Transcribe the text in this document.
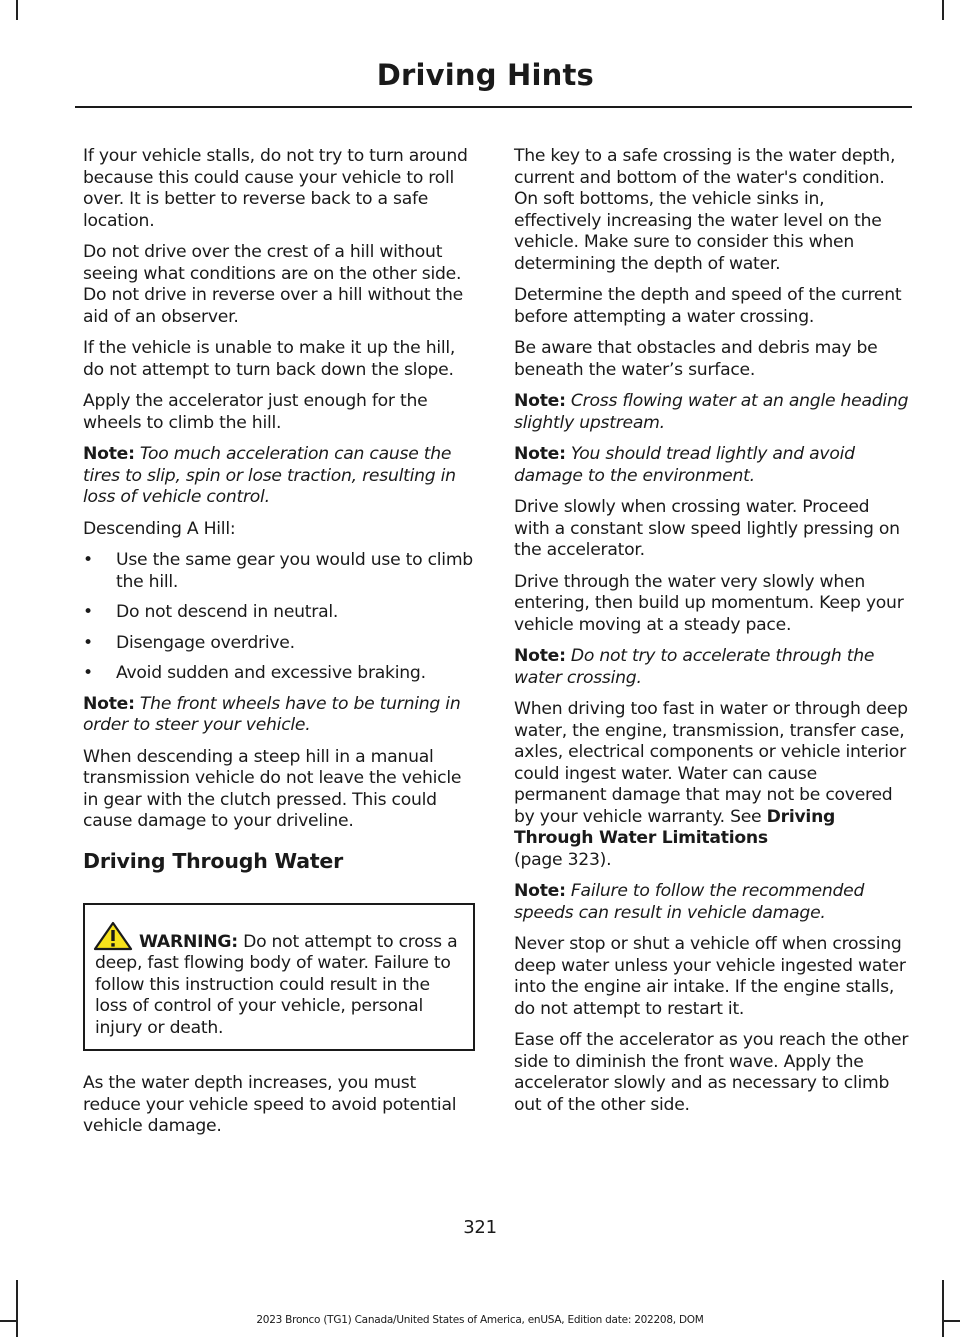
Driving Hints

If your vehicle stalls, do not try to turn around because this could cause your vehicle to roll over. It is better to reverse back to a safe location.

Do not drive over the crest of a hill without seeing what conditions are on the other side. Do not drive in reverse over a hill without the aid of an observer.

If the vehicle is unable to make it up the hill, do not attempt to turn back down the slope.

Apply the accelerator just enough for the wheels to climb the hill.

Note: Too much acceleration can cause the tires to slip, spin or lose traction, resulting in loss of vehicle control.

Descending A Hill:

• Use the same gear you would use to climb the hill.
• Do not descend in neutral.
• Disengage overdrive.
• Avoid sudden and excessive braking.

Note: The front wheels have to be turning in order to steer your vehicle.

When descending a steep hill in a manual transmission vehicle do not leave the vehicle in gear with the clutch pressed. This could cause damage to your driveline.

Driving Through Water

WARNING: Do not attempt to cross a deep, fast flowing body of water. Failure to follow this instruction could result in the loss of control of your vehicle, personal injury or death.

As the water depth increases, you must reduce your vehicle speed to avoid potential vehicle damage.

The key to a safe crossing is the water depth, current and bottom of the water's condition. On soft bottoms, the vehicle sinks in, effectively increasing the water level on the vehicle. Make sure to consider this when determining the depth of water.

Determine the depth and speed of the current before attempting a water crossing.

Be aware that obstacles and debris may be beneath the water’s surface.

Note: Cross flowing water at an angle heading slightly upstream.

Note: You should tread lightly and avoid damage to the environment.

Drive slowly when crossing water. Proceed with a constant slow speed lightly pressing on the accelerator.

Drive through the water very slowly when entering, then build up momentum. Keep your vehicle moving at a steady pace.

Note: Do not try to accelerate through the water crossing.

When driving too fast in water or through deep water, the engine, transmission, transfer case, axles, electrical components or vehicle interior could ingest water. Water can cause permanent damage that may not be covered by your vehicle warranty. See Driving Through Water Limitations
(page 323).

Note: Failure to follow the recommended speeds can result in vehicle damage.

Never stop or shut a vehicle off when crossing deep water unless your vehicle ingested water into the engine air intake. If the engine stalls, do not attempt to restart it.

Ease off the accelerator as you reach the other side to diminish the front wave. Apply the accelerator slowly and as necessary to climb out of the other side.

321

2023 Bronco (TG1) Canada/United States of America, enUSA, Edition date: 202208, DOM
